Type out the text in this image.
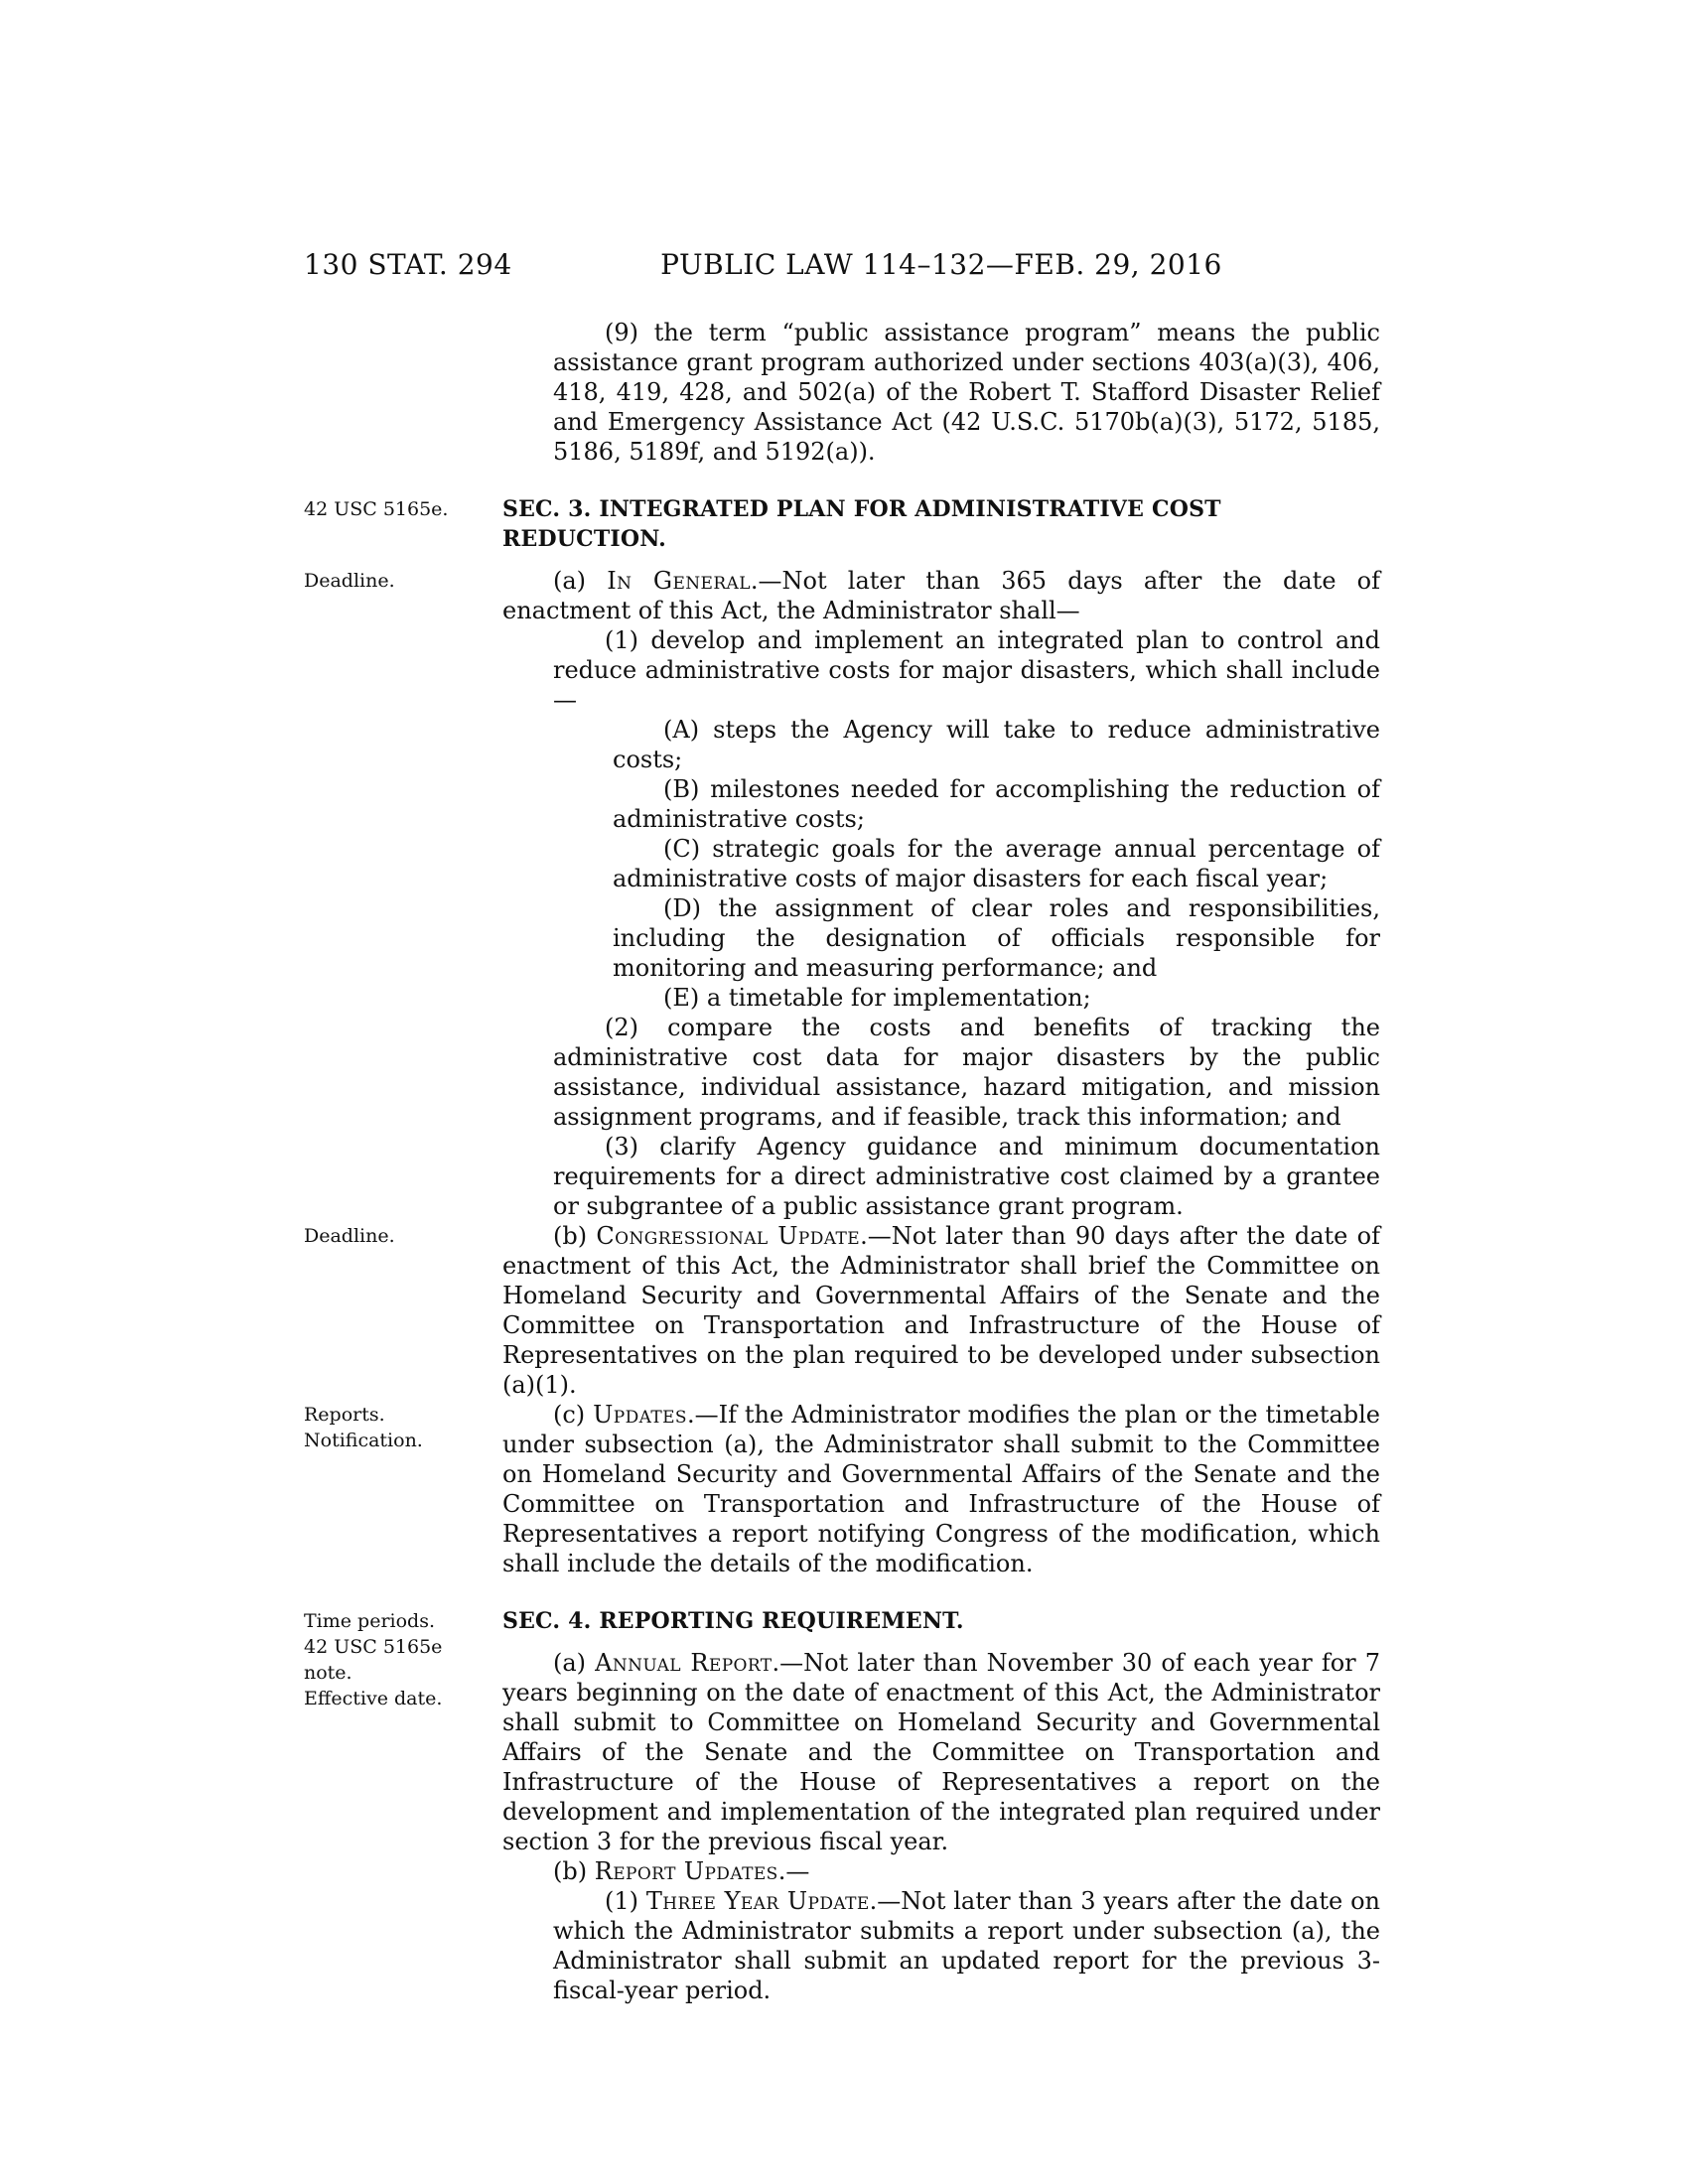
130 STAT. 294	PUBLIC LAW 114–132—FEB. 29, 2016

(9) the term “public assistance program” means the public assistance grant program authorized under sections 403(a)(3), 406, 418, 419, 428, and 502(a) of the Robert T. Stafford Disaster Relief and Emergency Assistance Act (42 U.S.C. 5170b(a)(3), 5172, 5185, 5186, 5189f, and 5192(a)).

42 USC 5165e.	SEC. 3. INTEGRATED PLAN FOR ADMINISTRATIVE COST REDUCTION.
Deadline.	(a) In General.—Not later than 365 days after the date of enactment of this Act, the Administrator shall—

(1) develop and implement an integrated plan to control and reduce administrative costs for major disasters, which shall include—

(A) steps the Agency will take to reduce administrative costs;

(B) milestones needed for accomplishing the reduction of administrative costs;

(C) strategic goals for the average annual percentage of administrative costs of major disasters for each fiscal year;

(D) the assignment of clear roles and responsibilities, including the designation of officials responsible for monitoring and measuring performance; and

(E) a timetable for implementation;

(2) compare the costs and benefits of tracking the administrative cost data for major disasters by the public assistance, individual assistance, hazard mitigation, and mission assignment programs, and if feasible, track this information; and

(3) clarify Agency guidance and minimum documentation requirements for a direct administrative cost claimed by a grantee or subgrantee of a public assistance grant program.

Deadline.	(b) Congressional Update.—Not later than 90 days after the date of enactment of this Act, the Administrator shall brief the Committee on Homeland Security and Governmental Affairs of the Senate and the Committee on Transportation and Infrastructure of the House of Representatives on the plan required to be developed under subsection (a)(1).

Reports.
Notification.

(c) Updates.—If the Administrator modifies the plan or the timetable under subsection (a), the Administrator shall submit to the Committee on Homeland Security and Governmental Affairs of the Senate and the Committee on Transportation and Infrastructure of the House of Representatives a report notifying Congress of the modification, which shall include the details of the modification.

Time periods.
42 USC 5165e
note.
Effective date.
SEC. 4. REPORTING REQUIREMENT.

(a) Annual Report.—Not later than November 30 of each year for 7 years beginning on the date of enactment of this Act, the Administrator shall submit to Committee on Homeland Security and Governmental Affairs of the Senate and the Committee on Transportation and Infrastructure of the House of Representatives a report on the development and implementation of the integrated plan required under section 3 for the previous fiscal year.

(b) Report Updates.—

(1) Three Year Update.—Not later than 3 years after the date on which the Administrator submits a report under subsection (a), the Administrator shall submit an updated report for the previous 3-fiscal-year period.
